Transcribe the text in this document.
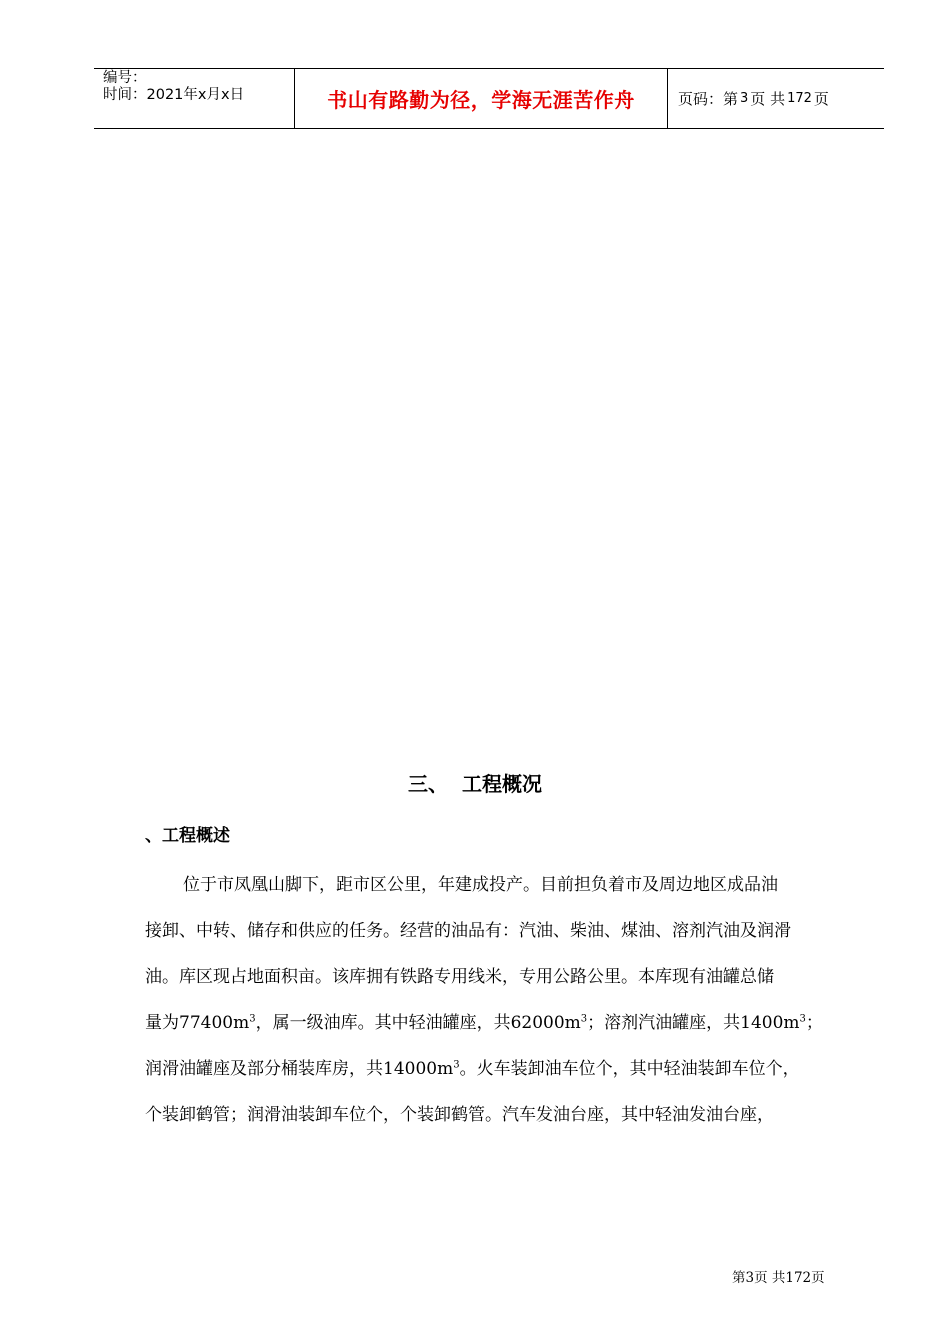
编号：
时间：2021年x月x日	书山有路勤为径，学海无涯苦作舟	页码：第 3 页 共 172 页
三、 工程概况
、工程概述
位于市凤凰山脚下，距市区公里，年建成投产。目前担负着市及周边地区成品油
接卸、中转、储存和供应的任务。经营的油品有：汽油、柴油、煤油、溶剂汽油及润滑
油。库区现占地面积亩。该库拥有铁路专用线米，专用公路公里。本库现有油罐总储
量为$77400m^3$，属一级油库。其中轻油罐座，共$62000m^3$；溶剂汽油罐座，共$1400m^3$；
润滑油罐座及部分桶装库房，共$14000m^3$。火车装卸油车位个，其中轻油装卸车位个，
个装卸鹤管；润滑油装卸车位个，个装卸鹤管。汽车发油台座，其中轻油发油台座，
第3页 共172页
